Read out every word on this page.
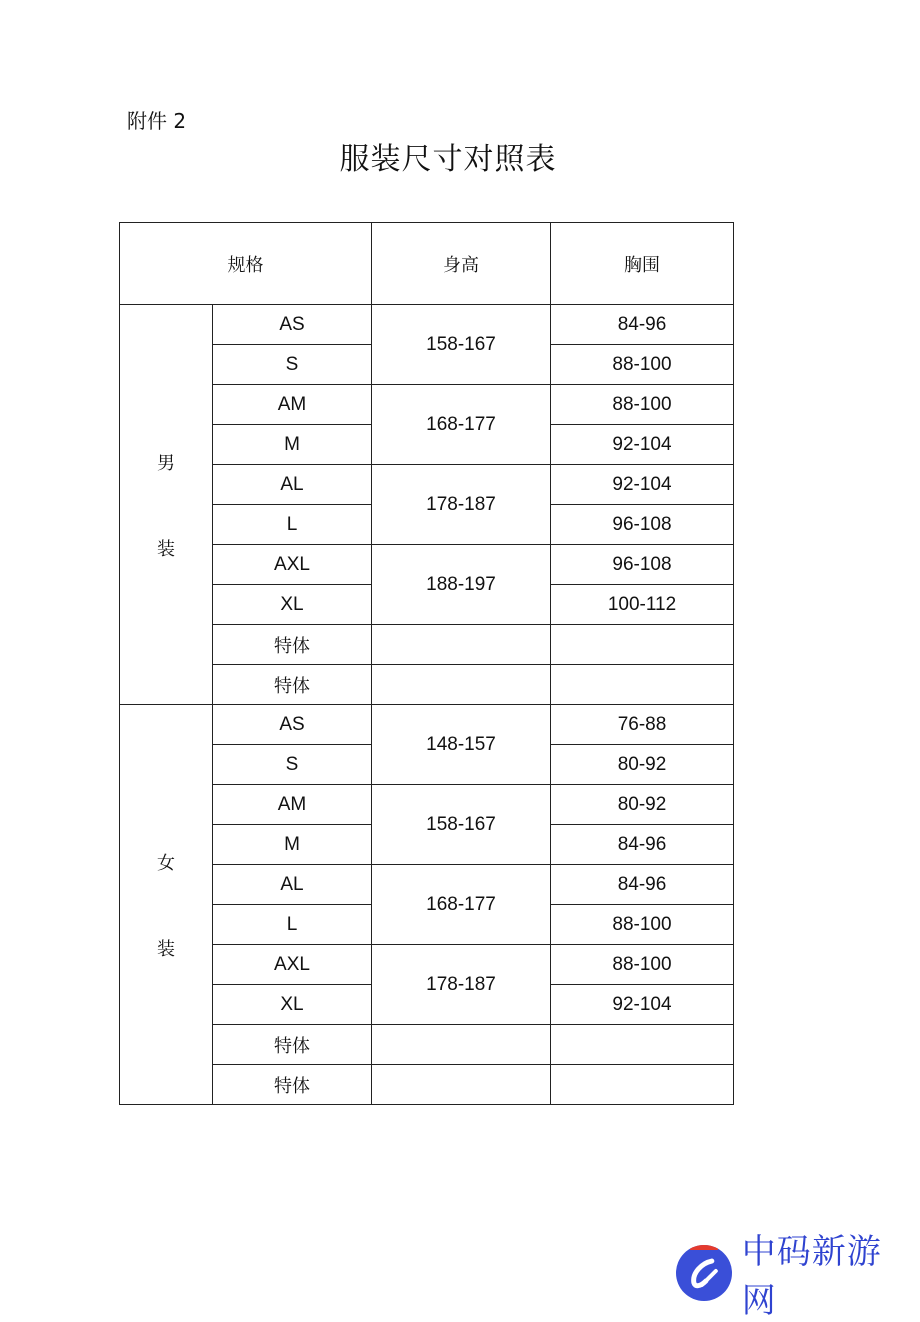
附件 2
服装尺寸对照表
规格		身高	胸围

男
装	AS	158-167	84-96
	S		88-100
	AM	168-177	88-100
	M		92-104
	AL	178-187	92-104
	L		96-108
	AXL	188-197	96-108
	XL		100-112
	特体		
	特体		

女
装	AS	148-157	76-88
	S		80-92
	AM	158-167	80-92
	M		84-96
	AL	168-177	84-96
	L		88-100
	AXL	178-187	88-100
	XL		92-104
	特体		
	特体		
中码新游网
